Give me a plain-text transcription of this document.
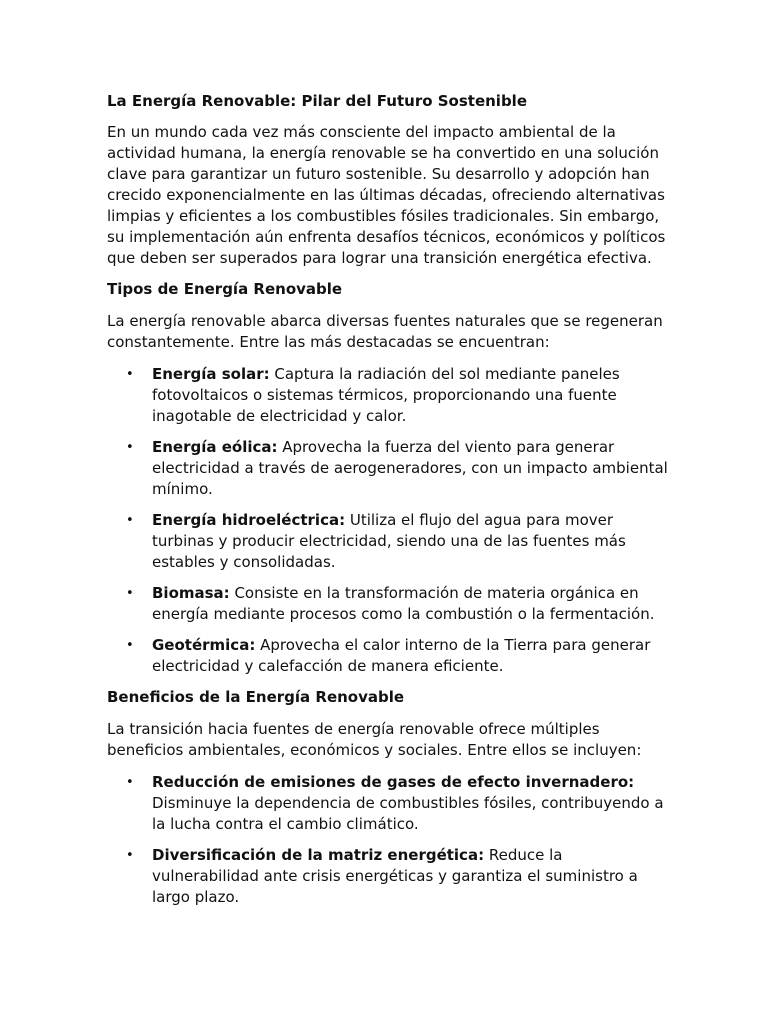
La Energía Renovable: Pilar del Futuro Sostenible

En un mundo cada vez más consciente del impacto ambiental de la actividad humana, la energía renovable se ha convertido en una solución clave para garantizar un futuro sostenible. Su desarrollo y adopción han crecido exponencialmente en las últimas décadas, ofreciendo alternativas limpias y eficientes a los combustibles fósiles tradicionales. Sin embargo, su implementación aún enfrenta desafíos técnicos, económicos y políticos que deben ser superados para lograr una transición energética efectiva.

Tipos de Energía Renovable

La energía renovable abarca diversas fuentes naturales que se regeneran constantemente. Entre las más destacadas se encuentran:

• Energía solar: Captura la radiación del sol mediante paneles fotovoltaicos o sistemas térmicos, proporcionando una fuente inagotable de electricidad y calor.
• Energía eólica: Aprovecha la fuerza del viento para generar electricidad a través de aerogeneradores, con un impacto ambiental mínimo.
• Energía hidroeléctrica: Utiliza el flujo del agua para mover turbinas y producir electricidad, siendo una de las fuentes más estables y consolidadas.
• Biomasa: Consiste en la transformación de materia orgánica en energía mediante procesos como la combustión o la fermentación.
• Geotérmica: Aprovecha el calor interno de la Tierra para generar electricidad y calefacción de manera eficiente.

Beneficios de la Energía Renovable

La transición hacia fuentes de energía renovable ofrece múltiples beneficios ambientales, económicos y sociales. Entre ellos se incluyen:

• Reducción de emisiones de gases de efecto invernadero: Disminuye la dependencia de combustibles fósiles, contribuyendo a la lucha contra el cambio climático.
• Diversificación de la matriz energética: Reduce la vulnerabilidad ante crisis energéticas y garantiza el suministro a largo plazo.
